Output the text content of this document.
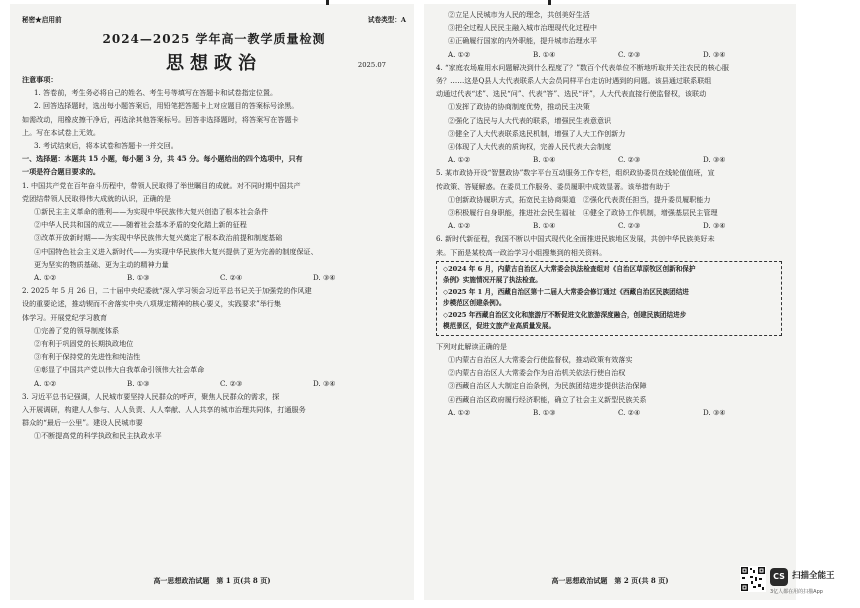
秘密★启用前	试卷类型：A
2024—2025 学年高一教学质量检测
思想政治	2025.07
注意事项：
1. 答卷前，考生务必将自己的姓名、考生号等填写在答题卡和试卷指定位置。
2. 回答选择题时，选出每小题答案后，用铅笔把答题卡上对应题目的答案标号涂黑。
如需改动，用橡皮擦干净后，再选涂其他答案标号。回答非选择题时，将答案写在答题卡
上。写在本试卷上无效。
3. 考试结束后，将本试卷和答题卡一并交回。
一、选择题：本题共 15 小题，每小题 3 分，共 45 分。每小题给出的四个选项中，只有
一项是符合题目要求的。
1. 中国共产党在百年奋斗历程中，带领人民取得了举世瞩目的成就。对不同时期中国共产
党团结带领人民取得伟大成就的认识，正确的是
①新民主主义革命的胜利——为实现中华民族伟大复兴创造了根本社会条件
②中华人民共和国的成立——随着社会基本矛盾的变化踏上新的征程
③改革开放新时期——为实现中华民族伟大复兴奠定了根本政治前提和制度基础
④中国特色社会主义进入新时代——为实现中华民族伟大复兴提供了更为完善的制度保证、
更为坚实的物质基础、更为主动的精神力量
A. ①②	B. ①③	C. ②④	D. ③④
2. 2025 年 5 月 26 日，二十届中央纪委就“深入学习领会习近平总书记关于加强党的作风建
设的重要论述，推动锲而不舍落实中央八项规定精神的核心要义，实践要求”举行集
体学习。开展党纪学习教育
①完善了党的领导制度体系
②有利于巩固党的长期执政地位
③有利于保持党的先进性和纯洁性
④彰显了中国共产党以伟大自我革命引领伟大社会革命
A. ①②	B. ①③	C. ②③	D. ③④
3. 习近平总书记强调，人民城市要坚持人民群众的呼声，聚焦人民群众的需求，探
入开展调研，构建人人参与、人人负责、人人奉献、人人共享的城市治理共同体，打通服务
群众的“最后一公里”。建设人民城市要
①不断提高党的科学执政和民主执政水平
高一思想政治试题　第 1 页(共 8 页)
②立足人民城市为人民的理念，共创美好生活
③把全过程人民民主融入城市治理现代化过程中
④正确履行国家的内外职能，提升城市治理水平
A. ①②	B. ①④	C. ②③	D. ③④
4. “家庭农场雇用水问题解决到什么程度了？”数百个代表单位不断地听取并关注农民的核心服
务？……这是Q县人大代表联系人大会员同样平台走访时遇到的问题。该县通过联系联组
动通过代表“述”、选民“问”、代表“答”、选民“评”，人大代表直接行使监督权，该联动
①发挥了政协的协商制度优势，推动民主决策
②强化了选民与人大代表的联系，增强民生表意意识
③健全了人大代表联系选民机制，增强了人大工作创新力
④体现了人大代表的质询权，完善人民代表大会制度
A. ①②	B. ①④	C. ②③	D. ③④
5. 某市政协开设“智慧政协”数字平台互动服务工作专栏，组织政协委员在线轮值值班，宣
传政策、答疑解惑。在委员工作服务、委员履职中成效显著。该举措有助于
①创新政协履职方式，拓宽民主协商渠道　②强化代表责任担当，提升委员履职能力
③积极履行自身职能，推进社会民生福祉　④健全了政协工作机制，增强基层民主管理
A. ①②	B. ①④	C. ②③	D. ③④
6. 新时代新征程，我国不断以中国式现代化全面推进民族地区发展，共创中华民族美好未
来。下面是某校高一政治学习小组搜集到的相关资料。
◇2024 年 6 月，内蒙古自治区人大常委会执法检查组对《自治区草原牧区创新和保护
条例》实施情况开展了执法检查。
◇2025 年 1 月，西藏自治区第十二届人大常委会修订通过《西藏自治区民族团结进
步模范区创建条例》。
◇2025 年西藏自治区文化和旅游厅不断促进文化旅游深度融合，创建民族团结进步
模范景区，促进文旅产业高质量发展。
下列对此解读正确的是
①内蒙古自治区人大常委会行使监督权，推动政策有效落实
②内蒙古自治区人大常委会作为自治机关依法行使自治权
③西藏自治区人大制定自治条例，为民族团结进步提供法治保障
④西藏自治区政府履行经济职能，确立了社会主义新型民族关系
A. ①②	B. ①③	C. ②④	D. ③④
高一思想政治试题　第 2 页(共 8 页)	CS 扫描全能王
3亿人都在用的扫描App
